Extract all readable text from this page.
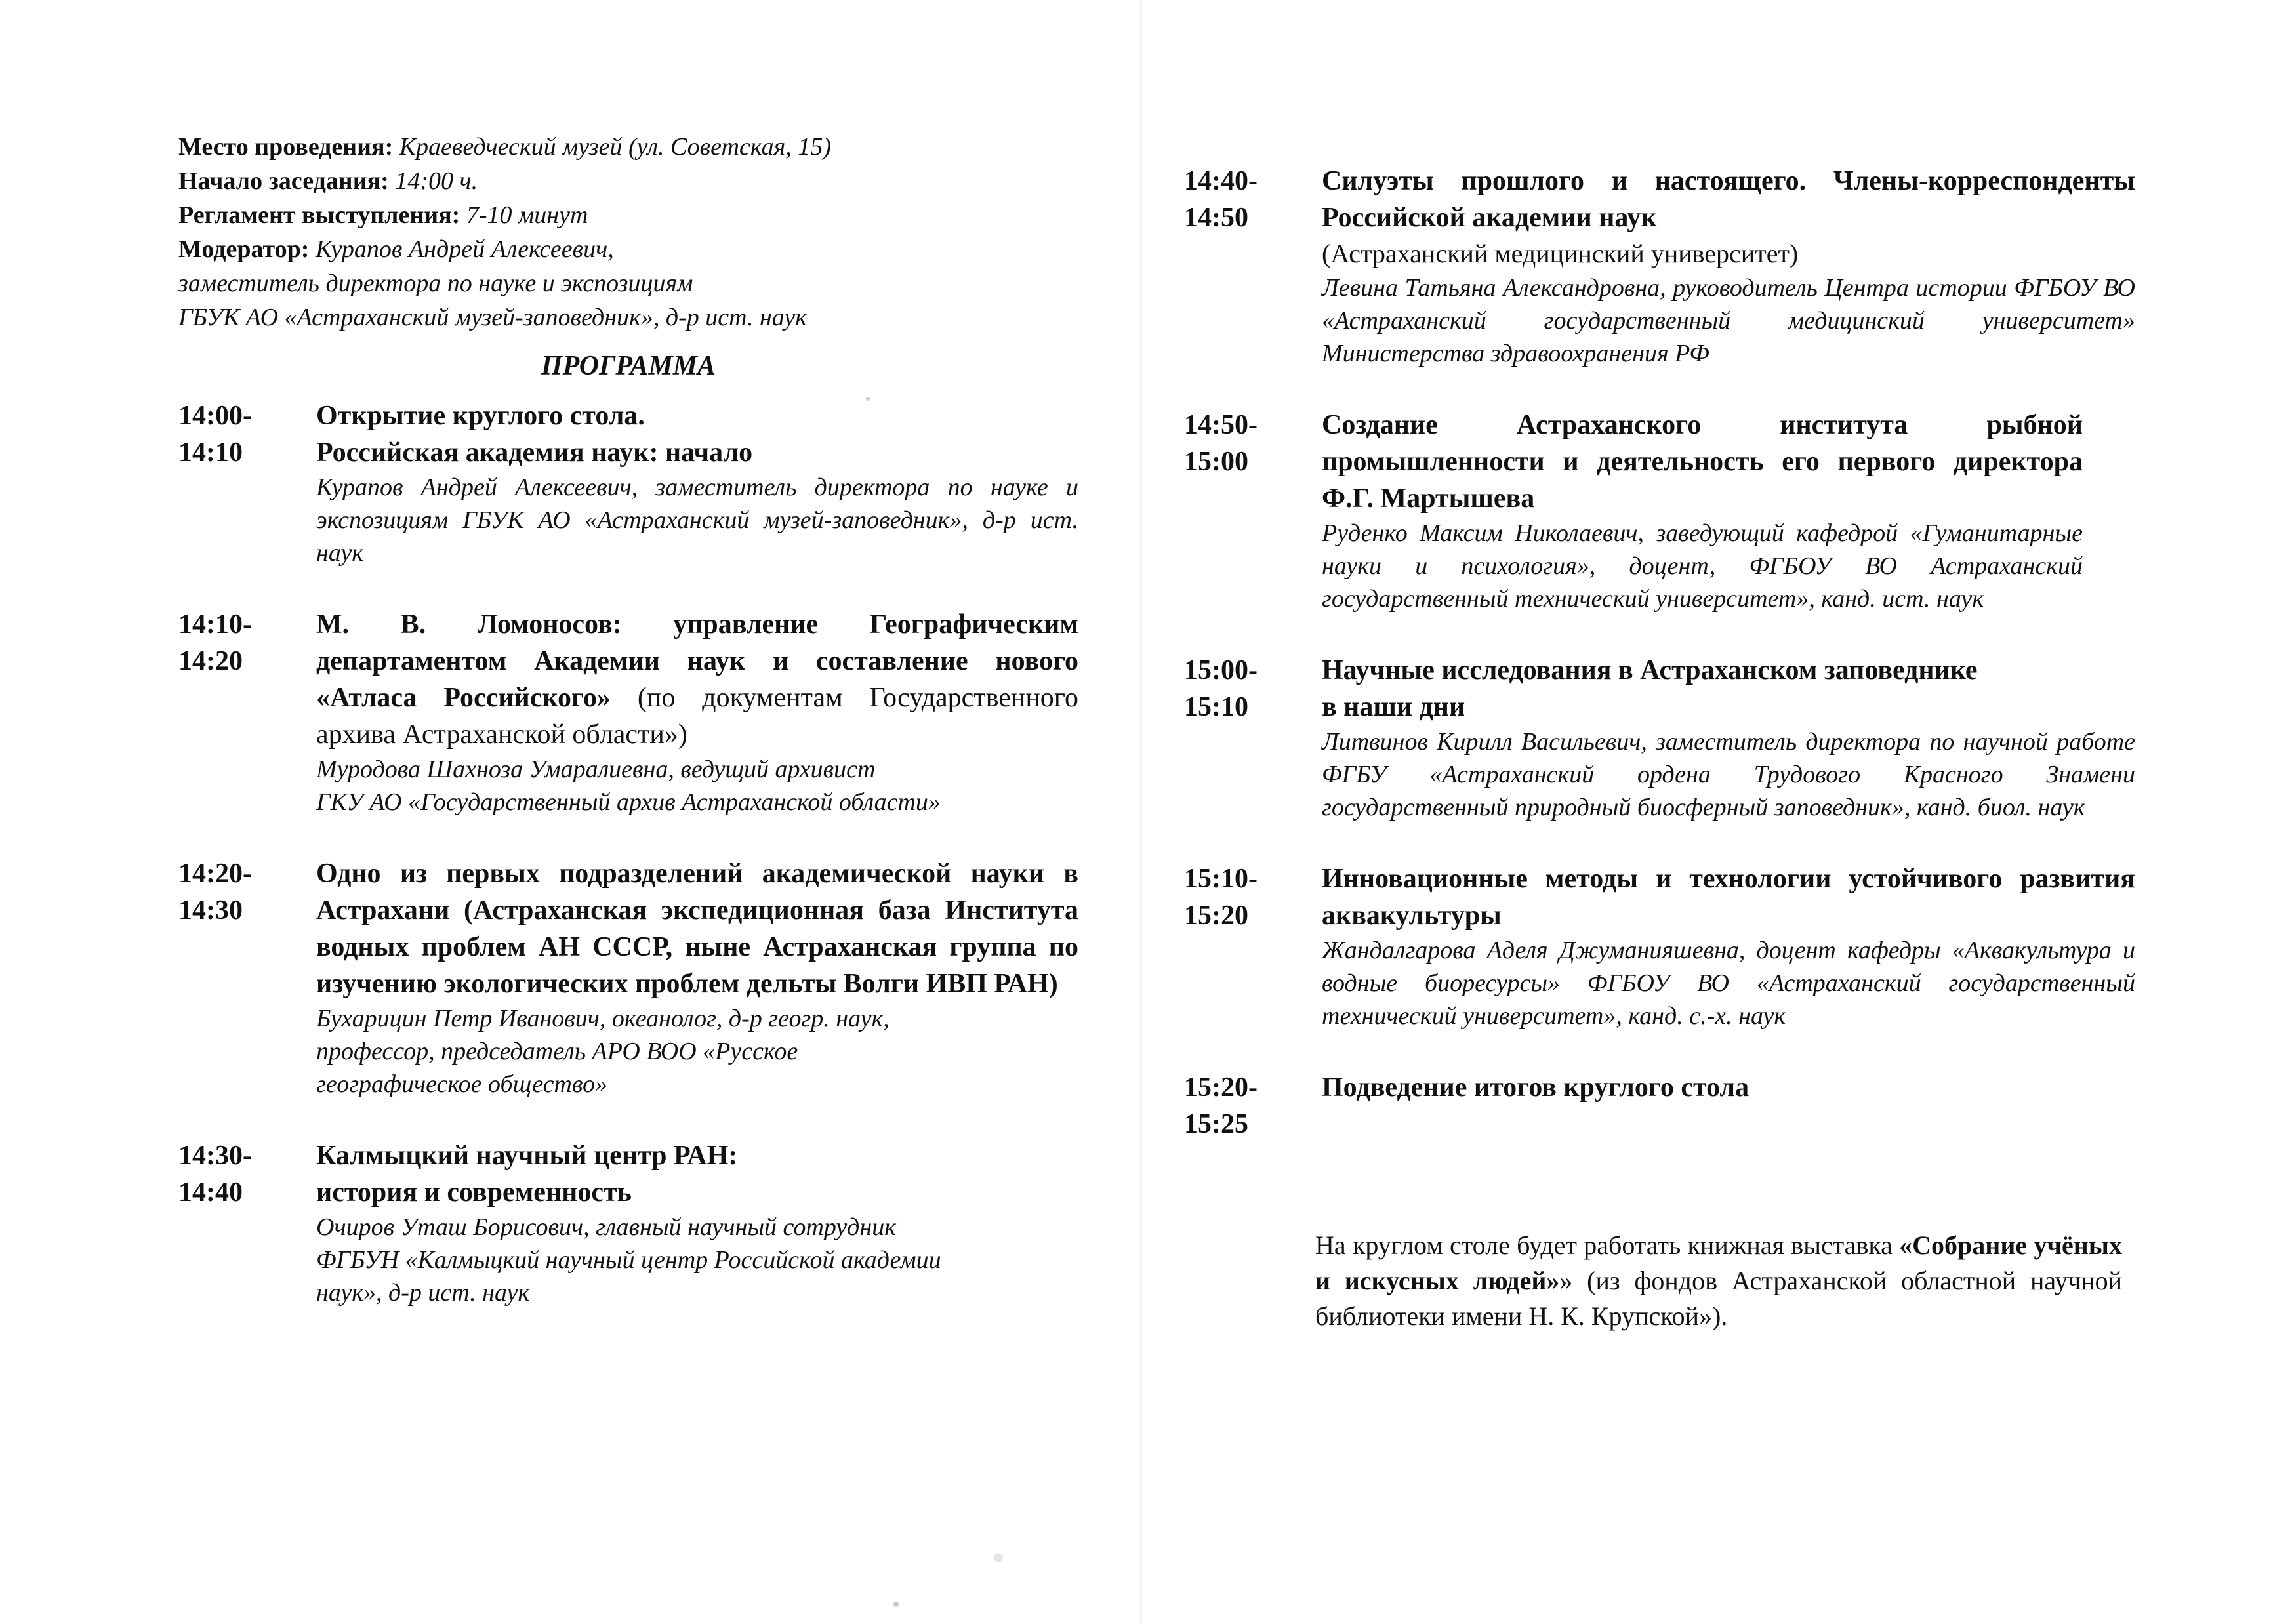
Место проведения: Краеведческий музей (ул. Советская, 15)
Начало заседания: 14:00 ч.
Регламент выступления: 7-10 минут
Модератор: Курапов Андрей Алексеевич,
заместитель директора по науке и экспозициям
ГБУК АО «Астраханский музей-заповедник», д-р ист. наук
ПРОГРАММА
14:00-
14:10
Открытие круглого стола.
Российская академия наук: начало
Курапов Андрей Алексеевич, заместитель директора по науке и экспозициям ГБУК АО «Астраханский музей-заповедник», д-р ист. наук
14:10-
14:20
М. В. Ломоносов: управление Географическим департаментом Академии наук и составление нового «Атласа Российского» (по документам Государственного архива Астраханской области»)
Муродова Шахноза Умаралиевна, ведущий архивист
ГКУ АО «Государственный архив Астраханской области»
14:20-
14:30
Одно из первых подразделений академической науки в Астрахани (Астраханская экспедиционная база Института водных проблем АН СССР, ныне Астраханская группа по изучению экологических проблем дельты Волги ИВП РАН)
Бухарицин Петр Иванович, океанолог, д-р геогр. наук,
профессор, председатель АРО ВОО «Русское
географическое общество»
14:30-
14:40
Калмыцкий научный центр РАН:
история и современность
Очиров Уташ Борисович, главный научный сотрудник
ФГБУН «Калмыцкий научный центр Российской академии
наук», д-р ист. наук
14:40-
14:50
Силуэты прошлого и настоящего. Члены-корреспонденты Российской академии наук
(Астраханский медицинский университет)
Левина Татьяна Александровна, руководитель Центра истории ФГБОУ ВО «Астраханский государственный медицинский университет» Министерства здравоохранения РФ
14:50-
15:00
Создание Астраханского института рыбной промышленности и деятельность его первого директора Ф.Г. Мартышева
Руденко Максим Николаевич, заведующий кафедрой «Гуманитарные науки и психология», доцент, ФГБОУ ВО Астраханский государственный технический университет», канд. ист. наук
15:00-
15:10
Научные исследования в Астраханском заповеднике
в наши дни
Литвинов Кирилл Васильевич, заместитель директора по научной работе ФГБУ «Астраханский ордена Трудового Красного Знамени государственный природный биосферный заповедник», канд. биол. наук
15:10-
15:20
Инновационные методы и технологии устойчивого развития аквакультуры
Жандалгарова Аделя Джуманияшевна, доцент кафедры «Аквакультура и водные биоресурсы» ФГБОУ ВО «Астраханский государственный технический университет», канд. с.-х. наук
15:20-
15:25
Подведение итогов круглого стола
На круглом столе будет работать книжная выставка «Собрание учёных и искусных людей»» (из фондов Астраханской областной научной библиотеки имени Н. К. Крупской»).
